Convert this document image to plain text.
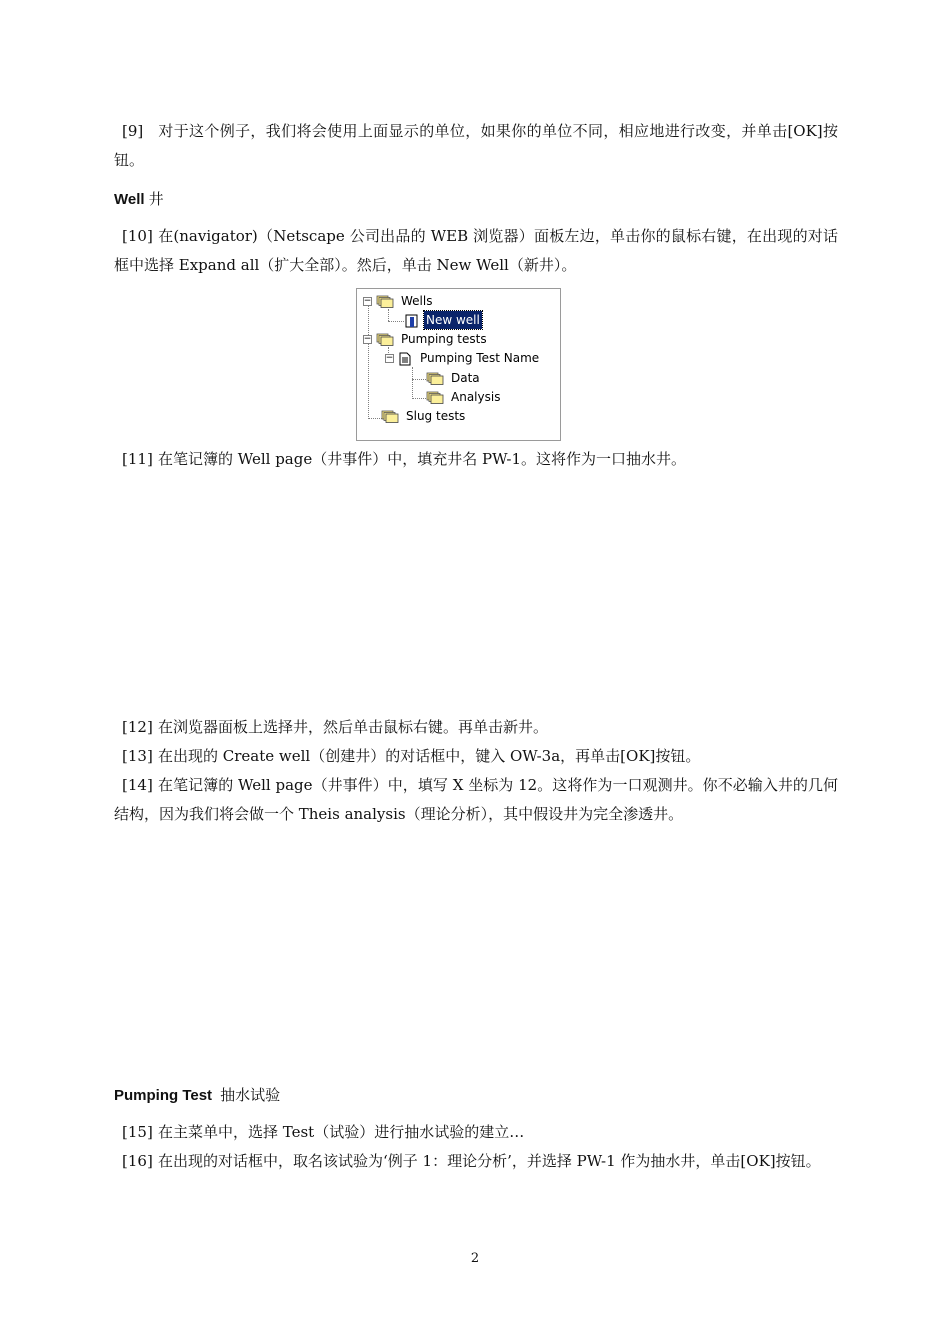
[9] 对于这个例子，我们将会使用上面显示的单位，如果你的单位不同，相应地进行改变，并单击[OK]按钮。

Well 井

[10] 在(navigator)（Netscape 公司出品的 WEB 浏览器）面板左边，单击你的鼠标右键，在出现的对话框中选择 Expand all（扩大全部）。然后，单击 New Well（新井）。

− Wells
New well
− Pumping tests
− Pumping Test Name
Data
Analysis
Slug tests

[11] 在笔记簿的 Well page（井事件）中，填充井名 PW-1。这将作为一口抽水井。

[12] 在浏览器面板上选择井，然后单击鼠标右键。再单击新井。

[13] 在出现的 Create well（创建井）的对话框中，键入 OW-3a，再单击[OK]按钮。

[14] 在笔记簿的 Well page（井事件）中，填写 X 坐标为 12。这将作为一口观测井。你不必输入井的几何结构，因为我们将会做一个 Theis analysis（理论分析），其中假设井为完全渗透井。

Pumping Test 抽水试验

[15] 在主菜单中，选择 Test（试验）进行抽水试验的建立…

[16] 在出现的对话框中，取名该试验为‘例子 1：理论分析’，并选择 PW-1 作为抽水井，单击[OK]按钮。

2
